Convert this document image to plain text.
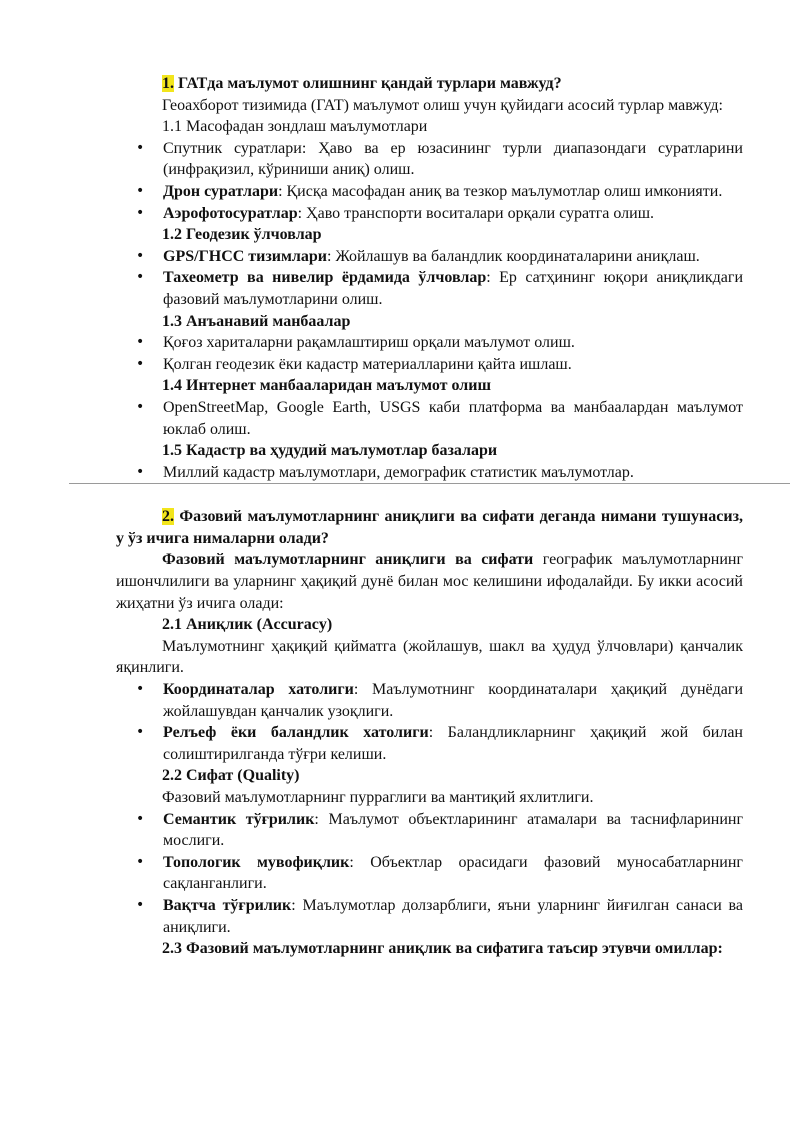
1. ГАТда маълумот олишнинг қандай турлари мавжуд?

Геоахборот тизимида (ГАТ) маълумот олиш учун қуйидаги асосий турлар мавжуд:

1.1 Масофадан зондлаш маълумотлари

• Спутник суратлари: Ҳаво ва ер юзасининг турли диапазондаги суратларини (инфрақизил, кўриниши аниқ) олиш.
• Дрон суратлари: Қисқа масофадан аниқ ва тезкор маълумотлар олиш имконияти.
• Аэрофотосуратлар: Ҳаво транспорти воситалари орқали суратга олиш.

1.2 Геодезик ўлчовлар

• GPS/ГНСС тизимлари: Жойлашув ва баландлик координаталарини аниқлаш.
• Тахеометр ва нивелир ёрдамида ўлчовлар: Ер сатҳининг юқори аниқликдаги фазовий маълумотларини олиш.

1.3 Анъанавий манбаалар

• Қоғоз хариталарни рақамлаштириш орқали маълумот олиш.
• Қолган геодезик ёки кадастр материалларини қайта ишлаш.

1.4 Интернет манбааларидан маълумот олиш

• OpenStreetMap, Google Earth, USGS каби платформа ва манбаалардан маълумот юклаб олиш.

1.5 Кадастр ва ҳудудий маълумотлар базалари

• Миллий кадастр маълумотлари, демографик статистик маълумотлар.

2. Фазовий маълумотларнинг аниқлиги ва сифати деганда нимани тушунасиз, у ўз ичига нималарни олади?

Фазовий маълумотларнинг аниқлиги ва сифати географик маълумотларнинг ишончлилиги ва уларнинг ҳақиқий дунё билан мос келишини ифодалайди. Бу икки асосий жиҳатни ўз ичига олади:

2.1 Аниқлик (Accuracy)

Маълумотнинг ҳақиқий қийматга (жойлашув, шакл ва ҳудуд ўлчовлари) қанчалик яқинлиги.

• Координаталар хатолиги: Маълумотнинг координаталари ҳақиқий дунёдаги жойлашувдан қанчалик узоқлиги.
• Релъеф ёки баландлик хатолиги: Баландликларнинг ҳақиқий жой билан солиштирилганда тўғри келиши.

2.2 Сифат (Quality)

Фазовий маълумотларнинг пурраглиги ва мантиқий яхлитлиги.

• Семантик тўғрилик: Маълумот объектларининг атамалари ва таснифларининг мослиги.
• Топологик мувофиқлик: Объектлар орасидаги фазовий муносабатларнинг сақланганлиги.
• Вақтча тўғрилик: Маълумотлар долзарблиги, яъни уларнинг йиғилган санаси ва аниқлиги.

2.3 Фазовий маълумотларнинг аниқлик ва сифатига таъсир этувчи омиллар:
